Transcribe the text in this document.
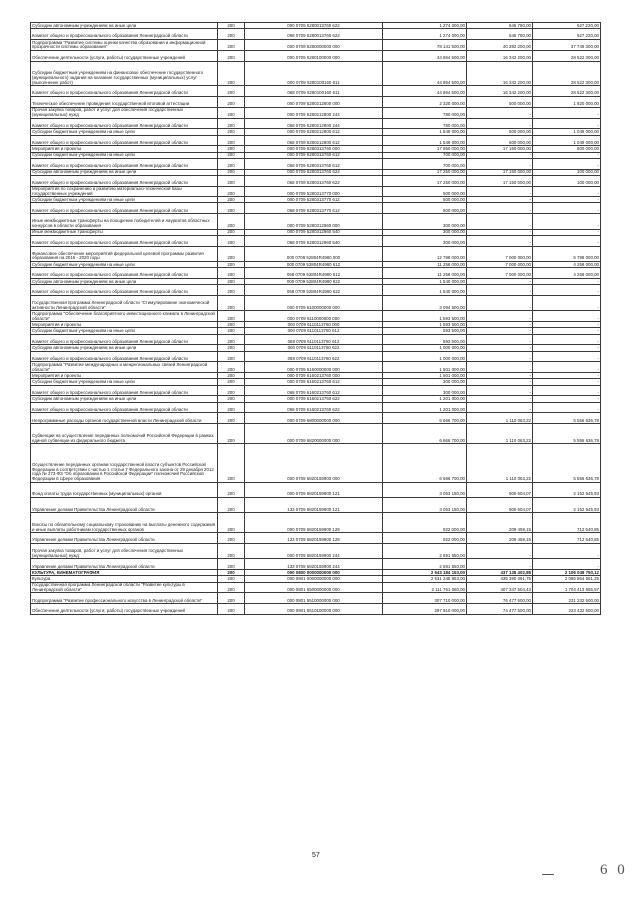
Субсидии автономным учреждениям на иные цели	200	000 0709 5280013760 622	1 274 000,00	646 780,00	627 220,00
Комитет общего и профессионального образования Ленинградской области	200	068 0709 5280013760 622	1 274 000,00	646 780,00	627 220,00
Подпрограмма "Развитие системы оценки качества образования и информационной прозрачности системы образования"	200	000 0709 5280000000 000	78 141 500,00	40 392 200,00	37 749 300,00
Обеспечение деятельности (услуги, работы) государственных учреждений	200	000 0709 5280100000 000	44 864 500,00	16 342 200,00	28 522 300,00
Субсидии бюджетным учреждениям на финансовое обеспечение государственного (муниципального) задания на оказание государственных (муниципальных) услуг (выполнение работ)	200	000 0709 5280100160 611	44 864 500,00	16 342 200,00	28 522 300,00
Комитет общего и профессионального образования Ленинградской области	200	068 0709 5280100160 611	44 864 500,00	16 342 200,00	28 522 300,00
Техническое обеспечение проведения государственной итоговой аттестации	200	000 0709 5280212800 000	2 320 000,00	500 000,00	1 820 000,00
Прочая закупка товаров, работ и услуг для обеспечения государственных (муниципальных) нужд	200	000 0709 5280212800 244	780 000,00	-	-
Комитет общего и профессионального образования Ленинградской области	200	068 0709 5280212800 244	780 000,00	-	-
Субсидии бюджетным учреждениям на иные цели	200	000 0709 5280212800 612	1 549 000,00	500 000,00	1 049 000,00
Комитет общего и профессионального образования Ленинградской области	200	068 0709 5280212800 612	1 549 000,00	500 000,00	1 049 000,00
Мероприятия и проекты	200	000 0709 5280313760 000	17 950 000,00	17 150 000,00	800 000,00
Субсидии бюджетным учреждениям на иные цели	200	000 0709 5280313760 612	700 000,00	-	-
Комитет общего и профессионального образования Ленинградской области	200	068 0709 5280313760 612	700 000,00	-	-
Субсидии автономным учреждениям на иные цели	200	000 0709 5280313760 622	17 250 000,00	17 150 000,00	100 000,00
Комитет общего и профессионального образования Ленинградской области	200	068 0709 5280313760 622	17 250 000,00	17 150 000,00	100 000,00
Мероприятия по сохранению и развитию материально-технической базы государственных учреждений	200	000 0709 5280313770 000	500 000,00	-	-
Субсидии бюджетным учреждениям на иные цели	200	000 0709 5280313770 612	500 000,00	-	-
Комитет общего и профессионального образования Ленинградской области	200	068 0709 5280313770 612	500 000,00	-	-
Иные межбюджетные трансферты на поощрение победителей и лауреатов областных конкурсов в области образования	200	000 0709 5280312960 000	300 000,00	-	-
Иные межбюджетные трансферты	200	000 0709 5280312960 540	300 000,00	-	-
Комитет общего и профессионального образования Ленинградской области	200	068 0709 5280312960 540	300 000,00	-	-
Финансовое обеспечение мероприятий федеральной целевой программы развития образования на 2016 - 2020 годы	200	000 0709 52804R4980 000	12 798 000,00	7 000 000,00	5 798 000,00
Субсидии бюджетным учреждениям на иные цели	200	000 0709 52804R4980 612	11 258 000,00	7 000 000,00	4 258 000,00
Комитет общего и профессионального образования Ленинградской области	200	068 0709 52804R4980 612	11 258 000,00	7 000 000,00	4 258 000,00
Субсидии автономным учреждениям на иные цели	200	000 0709 52804R4980 622	1 540 000,00	-	-
Комитет общего и профессионального образования Ленинградской области	200	068 0709 52804R4980 622	1 540 000,00	-	-
Государственная программа Ленинградской области "Стимулирование экономической активности Ленинградской области"	200	000 0709 6100000000 000	3 094 500,00	-	-
Подпрограмма "Обеспечение благоприятного инвестиционного климата в Ленинградской области"	200	000 0709 6110000000 000	1 593 500,00	-	-
Мероприятия и проекты	200	000 0709 6110113760 000	1 593 500,00	-	-
Субсидии бюджетным учреждениям на иные цели	200	000 0709 6110113760 612	593 500,00	-	-
Комитет общего и профессионального образования Ленинградской области	200	068 0709 6110113760 612	593 500,00	-	-
Субсидии автономным учреждениям на иные цели	200	000 0709 6110113760 622	1 000 000,00	-	-
Комитет общего и профессионального образования Ленинградской области	200	068 0709 6110113760 622	1 000 000,00	-	-
Подпрограмма "Развитие международных и межрегиональных связей Ленинградской области"	200	000 0709 6160000000 000	1 501 000,00	-	-
Мероприятия и проекты	200	000 0709 6160213760 000	1 501 000,00	-	-
Субсидии бюджетным учреждениям на иные цели	200	000 0709 6160213760 612	300 000,00	-	-
Комитет общего и профессионального образования Ленинградской области	200	068 0709 6160213760 612	300 000,00	-	-
Субсидии автономным учреждениям на иные цели	200	000 0709 6160213760 622	1 201 000,00	-	-
Комитет общего и профессионального образования Ленинградской области	200	068 0709 6160213760 622	1 201 000,00	-	-
Непрограммные расходы органов государственной власти Ленинградской области	200	000 0709 6800000000 000	6 666 700,00	1 110 063,22	5 556 636,78
Субвенции на осуществление переданных полномочий Российской Федерации в рамках единой субвенции из федерального бюджета	200	000 0709 6820000000 000	6 666 700,00	1 110 063,22	5 556 636,78
Осуществление переданных органам государственной власти субъектов Российской Федерации в соответствии с частью 1 статьи 7 Федерального закона от 29 декабря 2012 года № 273-ФЗ "Об образовании в Российской Федерации" полномочий Российской Федерации в сфере образования	200	000 0709 6820159900 000	6 666 700,00	1 110 063,22	5 556 636,78
Фонд оплаты труда государственных (муниципальных) органов	200	000 0709 6820159900 121	3 053 150,00	900 604,07	2 152 545,93
Управление делами Правительства Ленинградской области	200	133 0709 6820159900 121	3 053 150,00	900 604,07	2 152 545,93
Взносы по обязательному социальному страхованию на выплаты денежного содержания и иные выплаты работникам государственных органов	200	000 0709 6820159900 129	922 000,00	209 459,15	712 540,85
Управление делами Правительства Ленинградской области	200	133 0709 6820159900 129	922 000,00	209 459,15	712 540,85
Прочая закупка товаров, работ и услуг для обеспечения государственных (муниципальных) нужд	200	000 0709 6820159900 244	2 691 550,00	-	-
Управление делами Правительства Ленинградской области	200	133 0709 6820159900 244	2 691 550,00	-	-
КУЛЬТУРА, КИНЕМАТОГРАФИЯ	200	000 0800 0000000000 000	2 543 184 153,00	437 135 402,88	2 106 048 750,12
Культура	200	000 0801 0000000000 000	2 531 245 953,00	435 380 391,75	2 095 864 561,25
Государственная программа Ленинградской области "Развитие культуры в Ленинградской области"	200	000 0801 5500000000 000	2 111 761 060,00	407 347 504,43	1 704 413 555,57
Подпрограмма "Развитие профессионального искусства в Ленинградской области"	200	000 0801 5510000000 000	307 710 000,00	76 477 500,00	231 232 500,00
Обеспечение деятельности (услуги, работы) государственных учреждений	200	000 0801 5510100000 000	297 910 000,00	74 477 500,00	223 432 500,00
57
6 0
